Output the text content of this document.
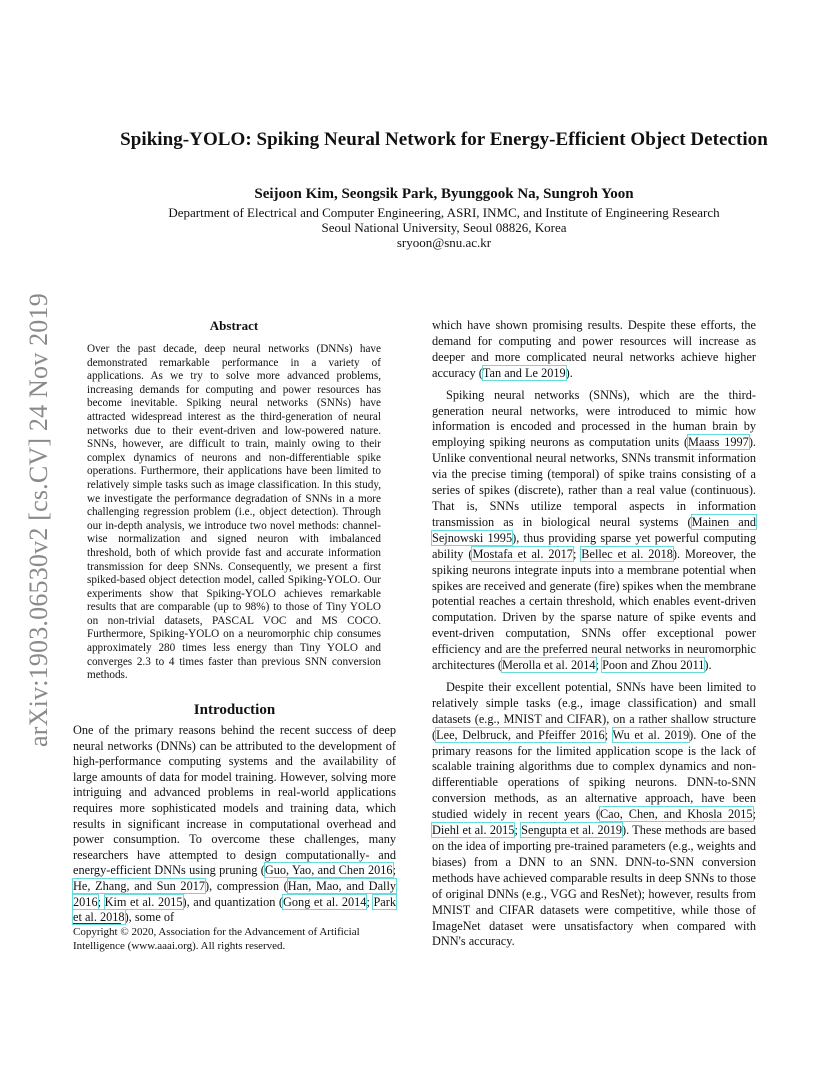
arXiv:1903.06530v2 [cs.CV] 24 Nov 2019
Spiking-YOLO: Spiking Neural Network for Energy-Efficient Object Detection
Seijoon Kim, Seongsik Park, Byunggook Na, Sungroh Yoon
Department of Electrical and Computer Engineering, ASRI, INMC, and Institute of Engineering Research
Seoul National University, Seoul 08826, Korea
sryoon@snu.ac.kr
Abstract
Over the past decade, deep neural networks (DNNs) have demonstrated remarkable performance in a variety of applications. As we try to solve more advanced problems, increasing demands for computing and power resources has become inevitable. Spiking neural networks (SNNs) have attracted widespread interest as the third-generation of neural networks due to their event-driven and low-powered nature. SNNs, however, are difficult to train, mainly owing to their complex dynamics of neurons and non-differentiable spike operations. Furthermore, their applications have been limited to relatively simple tasks such as image classification. In this study, we investigate the performance degradation of SNNs in a more challenging regression problem (i.e., object detection). Through our in-depth analysis, we introduce two novel methods: channel-wise normalization and signed neuron with imbalanced threshold, both of which provide fast and accurate information transmission for deep SNNs. Consequently, we present a first spiked-based object detection model, called Spiking-YOLO. Our experiments show that Spiking-YOLO achieves remarkable results that are comparable (up to 98%) to those of Tiny YOLO on non-trivial datasets, PASCAL VOC and MS COCO. Furthermore, Spiking-YOLO on a neuromorphic chip consumes approximately 280 times less energy than Tiny YOLO and converges 2.3 to 4 times faster than previous SNN conversion methods.
Introduction
One of the primary reasons behind the recent success of deep neural networks (DNNs) can be attributed to the development of high-performance computing systems and the availability of large amounts of data for model training. However, solving more intriguing and advanced problems in real-world applications requires more sophisticated models and training data, which results in significant increase in computational overhead and power consumption. To overcome these challenges, many researchers have attempted to design computationally- and energy-efficient DNNs using pruning (Guo, Yao, and Chen 2016; He, Zhang, and Sun 2017), compression (Han, Mao, and Dally 2016; Kim et al. 2015), and quantization (Gong et al. 2014; Park et al. 2018), some of
Copyright © 2020, Association for the Advancement of Artificial Intelligence (www.aaai.org). All rights reserved.
which have shown promising results. Despite these efforts, the demand for computing and power resources will increase as deeper and more complicated neural networks achieve higher accuracy (Tan and Le 2019).
Spiking neural networks (SNNs), which are the third-generation neural networks, were introduced to mimic how information is encoded and processed in the human brain by employing spiking neurons as computation units (Maass 1997). Unlike conventional neural networks, SNNs transmit information via the precise timing (temporal) of spike trains consisting of a series of spikes (discrete), rather than a real value (continuous). That is, SNNs utilize temporal aspects in information transmission as in biological neural systems (Mainen and Sejnowski 1995), thus providing sparse yet powerful computing ability (Mostafa et al. 2017; Bellec et al. 2018). Moreover, the spiking neurons integrate inputs into a membrane potential when spikes are received and generate (fire) spikes when the membrane potential reaches a certain threshold, which enables event-driven computation. Driven by the sparse nature of spike events and event-driven computation, SNNs offer exceptional power efficiency and are the preferred neural networks in neuromorphic architectures (Merolla et al. 2014; Poon and Zhou 2011).
Despite their excellent potential, SNNs have been limited to relatively simple tasks (e.g., image classification) and small datasets (e.g., MNIST and CIFAR), on a rather shallow structure (Lee, Delbruck, and Pfeiffer 2016; Wu et al. 2019). One of the primary reasons for the limited application scope is the lack of scalable training algorithms due to complex dynamics and non-differentiable operations of spiking neurons. DNN-to-SNN conversion methods, as an alternative approach, have been studied widely in recent years (Cao, Chen, and Khosla 2015; Diehl et al. 2015; Sengupta et al. 2019). These methods are based on the idea of importing pre-trained parameters (e.g., weights and biases) from a DNN to an SNN. DNN-to-SNN conversion methods have achieved comparable results in deep SNNs to those of original DNNs (e.g., VGG and ResNet); however, results from MNIST and CIFAR datasets were competitive, while those of ImageNet dataset were unsatisfactory when compared with DNN's accuracy.
